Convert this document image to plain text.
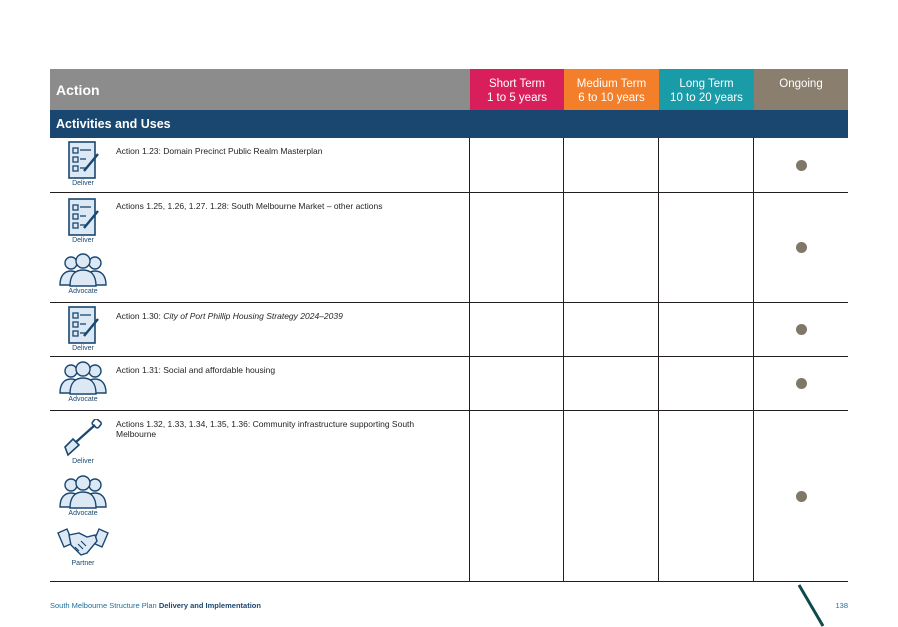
Action	Short Term
1 to 5 years
Medium Term
6 to 10 years
Long Term
10 to 20 years
Ongoing
Activities and Uses
Deliver
Action 1.23: Domain Precinct Public Realm Masterplan
Deliver
Advocate
Actions 1.25, 1.26, 1.27. 1.28: South Melbourne Market – other actions
Deliver
Action 1.30: City of Port Phillip Housing Strategy 2024–2039
Advocate
Action 1.31: Social and affordable housing
Deliver
Advocate
Partner
Actions 1.32, 1.33, 1.34, 1.35, 1.36: Community infrastructure supporting South Melbourne
South Melbourne Structure Plan Delivery and Implementation	138
